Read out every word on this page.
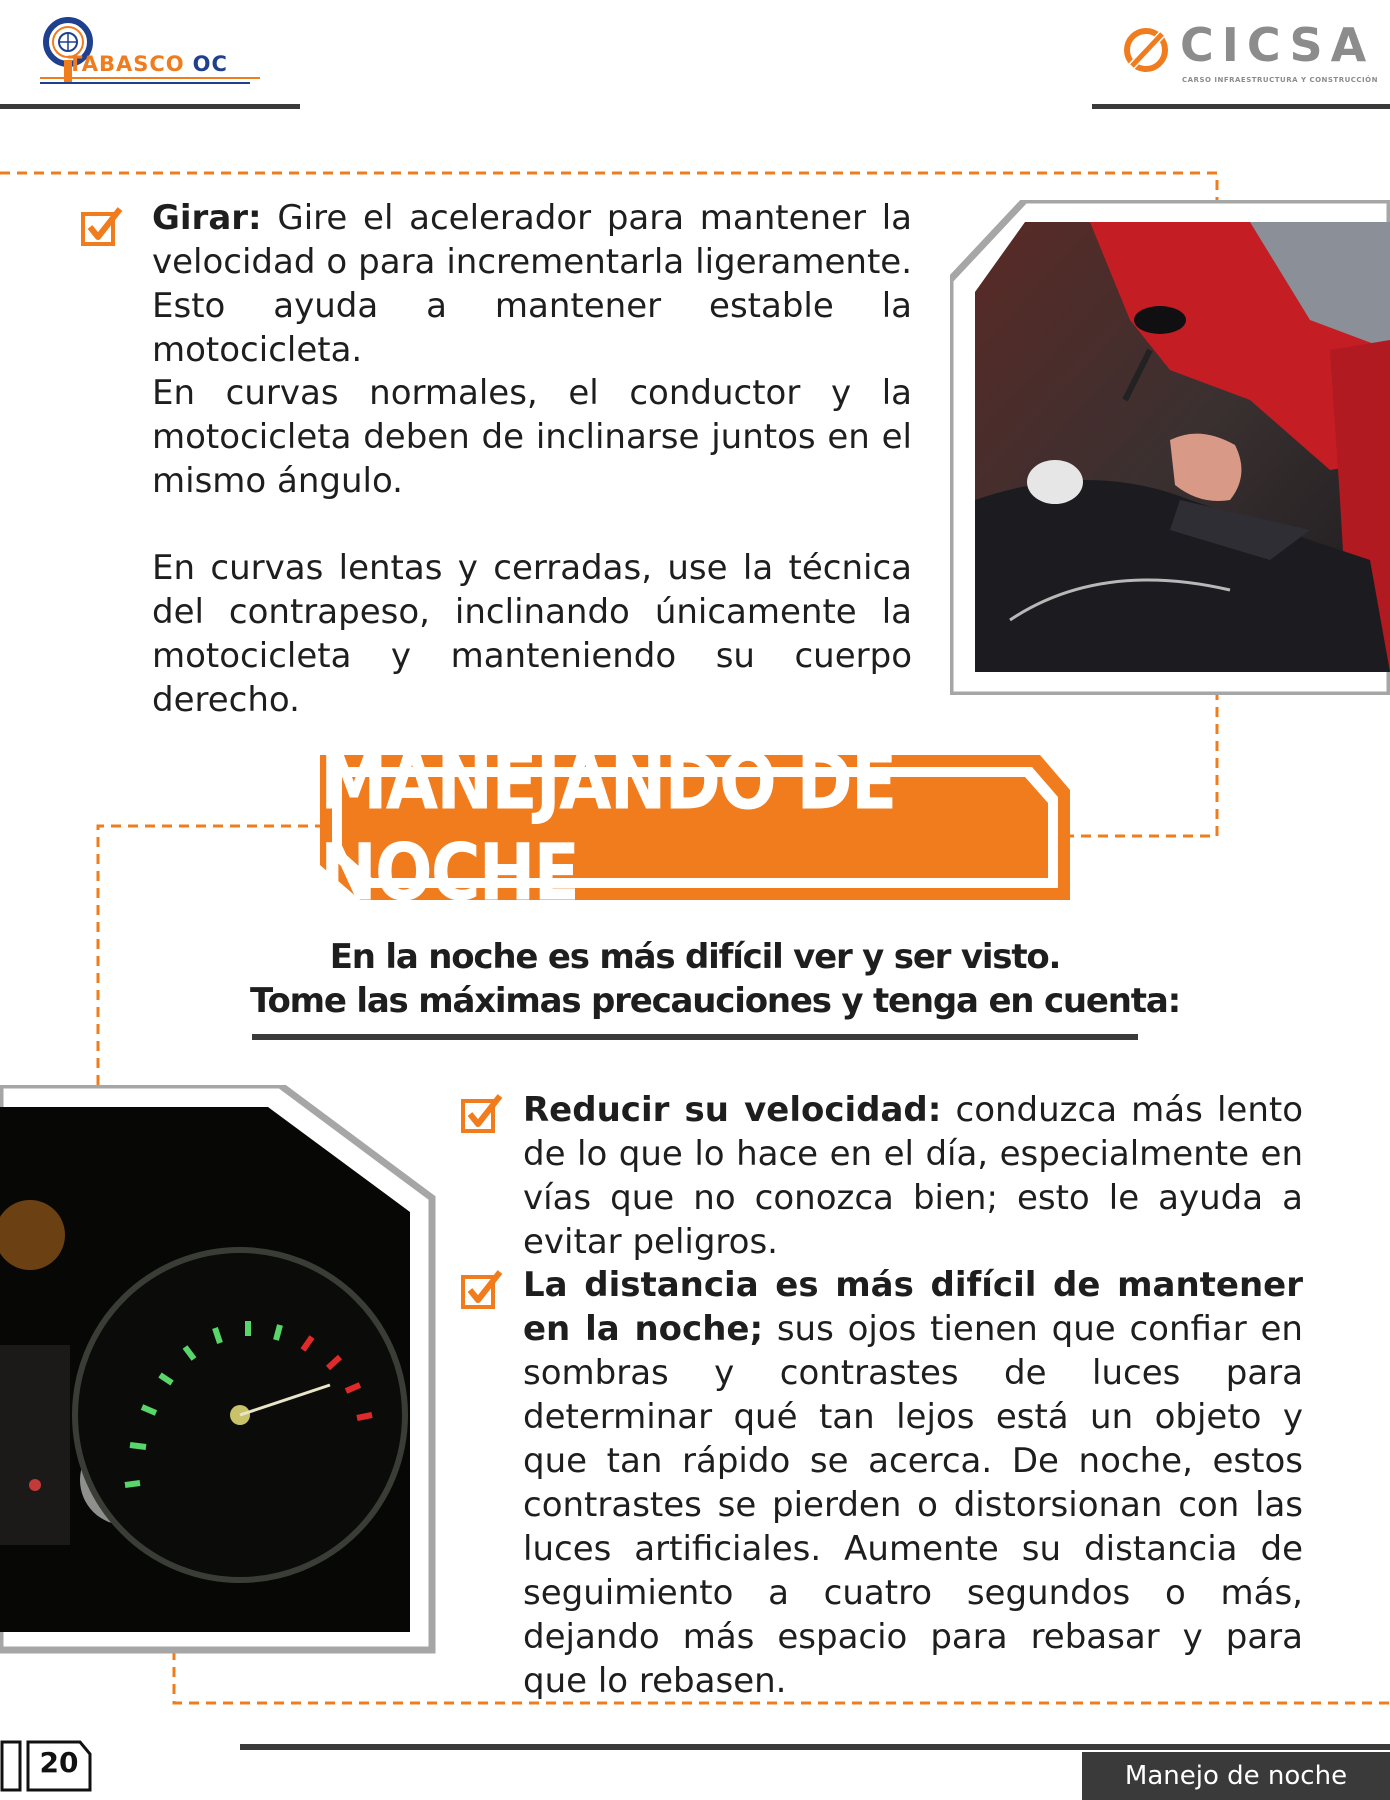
TABASCO OC	CICSA
CARSO INFRAESTRUCTURA Y CONSTRUCCIÓN

Girar: Gire el acelerador para mantener la velocidad o para incrementarla ligeramente. Esto ayuda a mantener estable la motocicleta.

En curvas normales, el conductor y la motocicleta deben de inclinarse juntos en el mismo ángulo.

En curvas lentas y cerradas, use la técnica del contrapeso, inclinando únicamente la motocicleta y manteniendo su cuerpo derecho.

MANEJANDO DE NOCHE
En la noche es más difícil ver y ser visto.
Tome las máximas precauciones y tenga en cuenta:

Reducir su velocidad: conduzca más lento de lo que lo hace en el día, especialmente en vías que no conozca bien; esto le ayuda a evitar peligros.

La distancia es más difícil de mantener en la noche; sus ojos tienen que confiar en sombras y contrastes de luces para determinar qué tan lejos está un objeto y que tan rápido se acerca. De noche, estos contrastes se pierden o distorsionan con las luces artificiales. Aumente su distancia de seguimiento a cuatro segundos o más, dejando más espacio para rebasar y para que lo rebasen.

20	Manejo de noche
